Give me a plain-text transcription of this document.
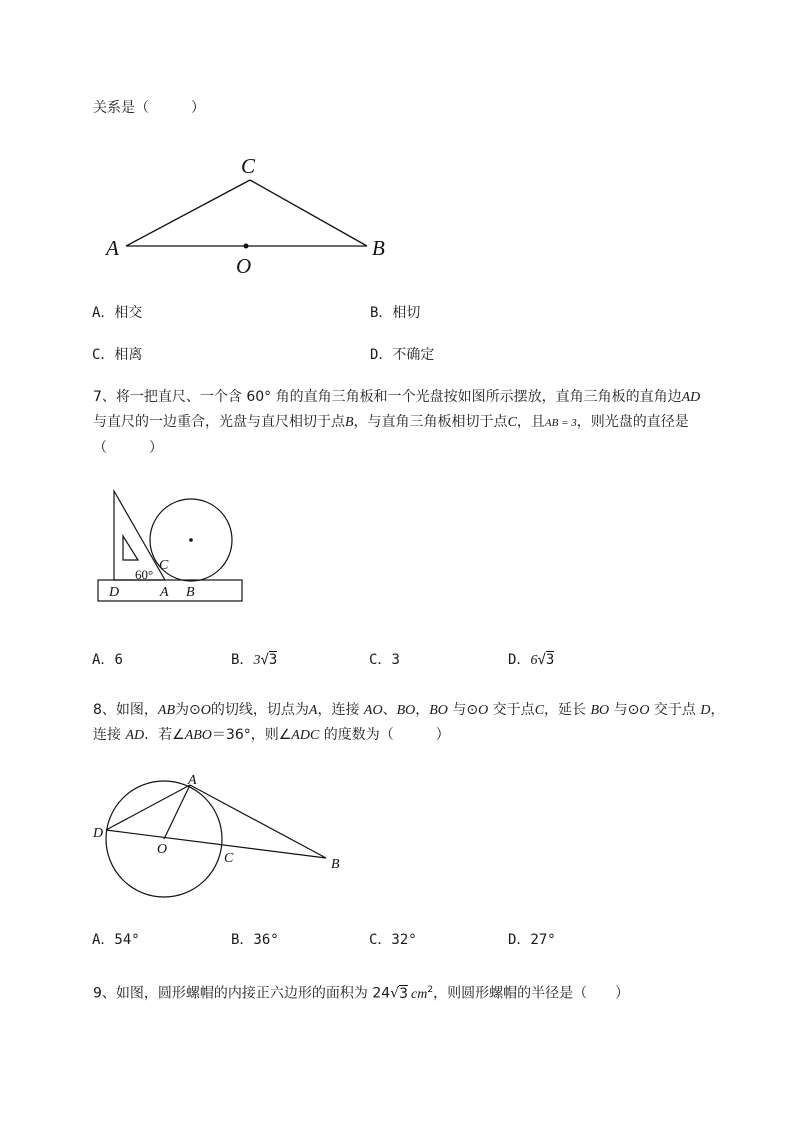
关系是（　　　）
C
A	B
O
A．相交	B．相切
C．相离	D．不确定
7、将一把直尺、一个含 60° 角的直角三角板和一个光盘按如图所示摆放，直角三角板的直角边AD
与直尺的一边重合，光盘与直尺相切于点B，与直角三角板相切于点C，且AB = 3，则光盘的直径是
（　　　）
C
60°
D	A B
A．6	B．3√3	C．3	D．6√3
8、如图，AB为⊙O的切线，切点为A，连接 AO、BO，BO 与⊙O 交于点C，延长 BO 与⊙O 交于点 D，
连接 AD．若∠ABO＝36°，则∠ADC 的度数为（　　　）
A
D
O
C	B
A．54°	B．36°	C．32°	D．27°
9、如图，圆形螺帽的内接正六边形的面积为 24√3 $cm^2$，则圆形螺帽的半径是（　　）
